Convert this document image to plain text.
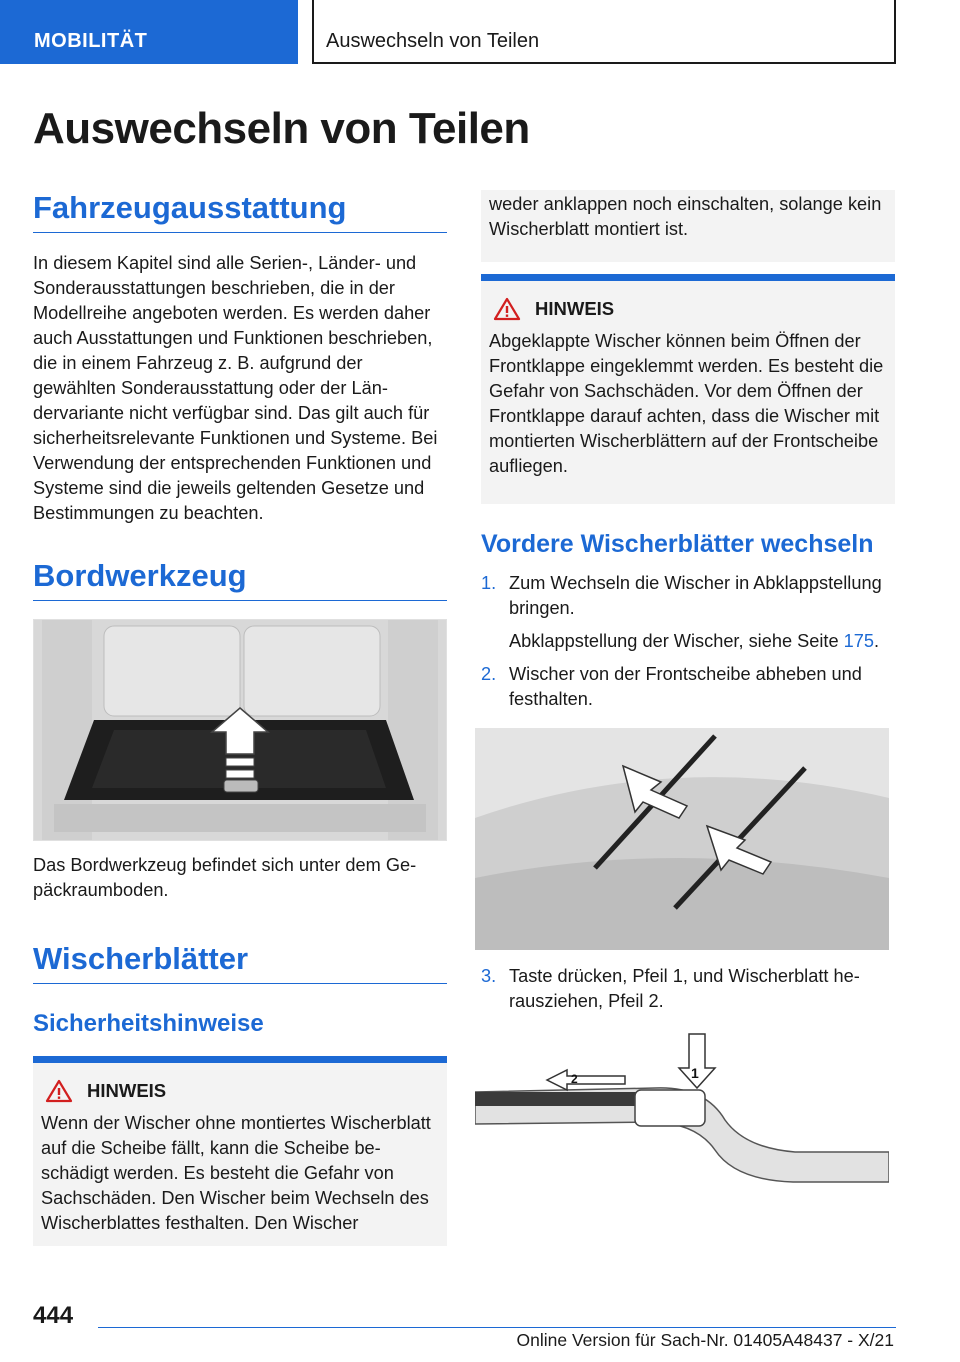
MOBILITÄT	Auswechseln von Teilen
Auswechseln von Teilen
Fahrzeugausstattung

In diesem Kapitel sind alle Serien-, Länder- und Sonderausstattungen beschrieben, die in der Modellreihe angeboten werden. Es werden daher auch Ausstattungen und Funktionen beschrieben, die in einem Fahrzeug z. B. aufgrund der gewählten Sonderausstattung oder der Ländervariante nicht verfügbar sind. Das gilt auch für sicherheitsrelevante Funktionen und Systeme. Bei Verwendung der entsprechenden Funktionen und Systeme sind die jeweils geltenden Gesetze und Bestimmungen zu beachten.

Bordwerkzeug

Das Bordwerkzeug befindet sich unter dem Gepäckraumboden.

Wischerblätter
Sicherheitshinweise
HINWEIS

Wenn der Wischer ohne montiertes Wischerblatt auf die Scheibe fällt, kann die Scheibe beschädigt werden. Es besteht die Gefahr von Sachschäden. Den Wischer beim Wechseln des Wischerblattes festhalten. Den Wischer

weder anklappen noch einschalten, solange kein Wischerblatt montiert ist.

HINWEIS

Abgeklappte Wischer können beim Öffnen der Frontklappe eingeklemmt werden. Es besteht die Gefahr von Sachschäden. Vor dem Öffnen der Frontklappe darauf achten, dass die Wischer mit montierten Wischerblättern auf der Frontscheibe aufliegen.

Vordere Wischerblätter wechseln
1. Zum Wechseln die Wischer in Abklappstellung bringen.

Abklappstellung der Wischer, siehe Seite 175.

2. Wischer von der Frontscheibe abheben und festhalten.

3. Taste drücken, Pfeil 1, und Wischerblatt herausziehen, Pfeil 2.

1
2
444
Online Version für Sach-Nr. 01405A48437 - X/21
